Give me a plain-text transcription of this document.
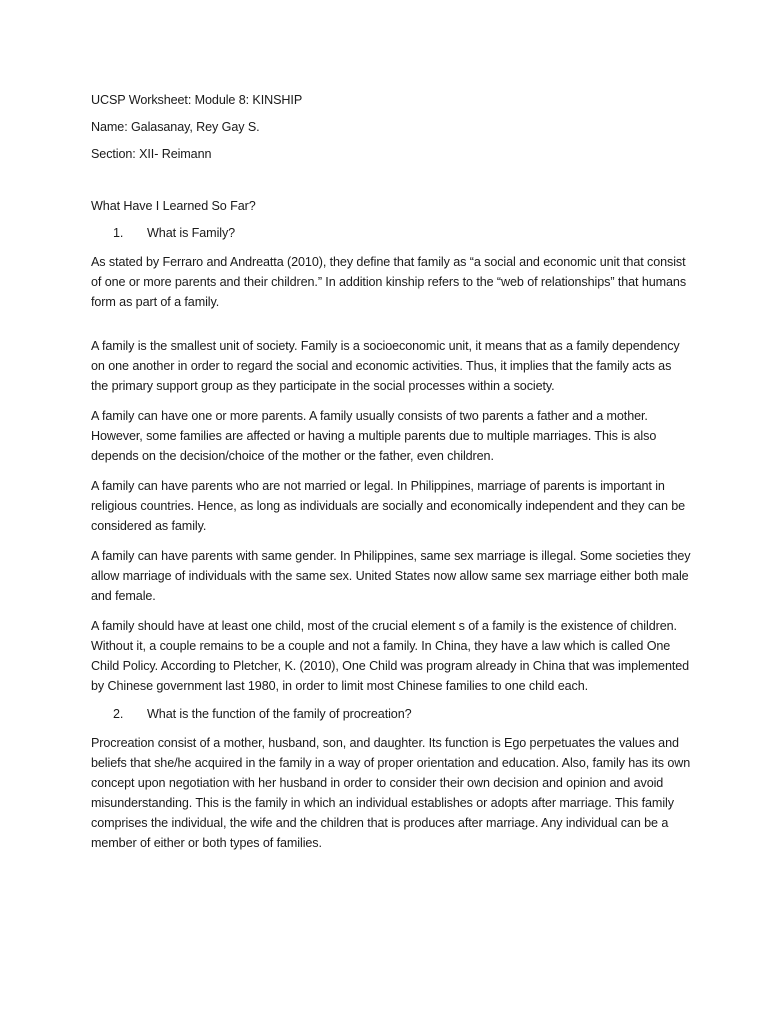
UCSP Worksheet: Module 8: KINSHIP
Name: Galasanay, Rey Gay S.
Section: XII- Reimann
What Have I Learned So Far?
1.	What is Family?

As stated by Ferraro and Andreatta (2010), they define that family as “a social and economic unit that consist of one or more parents and their children.” In addition kinship refers to the “web of relationships” that humans form as part of a family.

A family is the smallest unit of society. Family is a socioeconomic unit, it means that as a family dependency on one another in order to regard the social and economic activities. Thus, it implies that the family acts as the primary support group as they participate in the social processes within a society.

A family can have one or more parents. A family usually consists of two parents a father and a mother. However, some families are affected or having a multiple parents due to multiple marriages. This is also depends on the decision/choice of the mother or the father, even children.

A family can have parents who are not married or legal. In Philippines, marriage of parents is important in religious countries. Hence, as long as individuals are socially and economically independent and they can be considered as family.

A family can have parents with same gender. In Philippines, same sex marriage is illegal. Some societies they allow marriage of individuals with the same sex. United States now allow same sex marriage either both male and female.

A family should have at least one child, most of the crucial element s of a family is the existence of children. Without it, a couple remains to be a couple and not a family. In China, they have a law which is called One Child Policy. According to Pletcher, K. (2010), One Child was program already in China that was implemented by Chinese government last 1980, in order to limit most Chinese families to one child each.

2.	What is the function of the family of procreation?

Procreation consist of a mother, husband, son, and daughter. Its function is Ego perpetuates the values and beliefs that she/he acquired in the family in a way of proper orientation and education. Also, family has its own concept upon negotiation with her husband in order to consider their own decision and opinion and avoid misunderstanding. This is the family in which an individual establishes or adopts after marriage. This family comprises the individual, the wife and the children that is produces after marriage. Any individual can be a member of either or both types of families.
